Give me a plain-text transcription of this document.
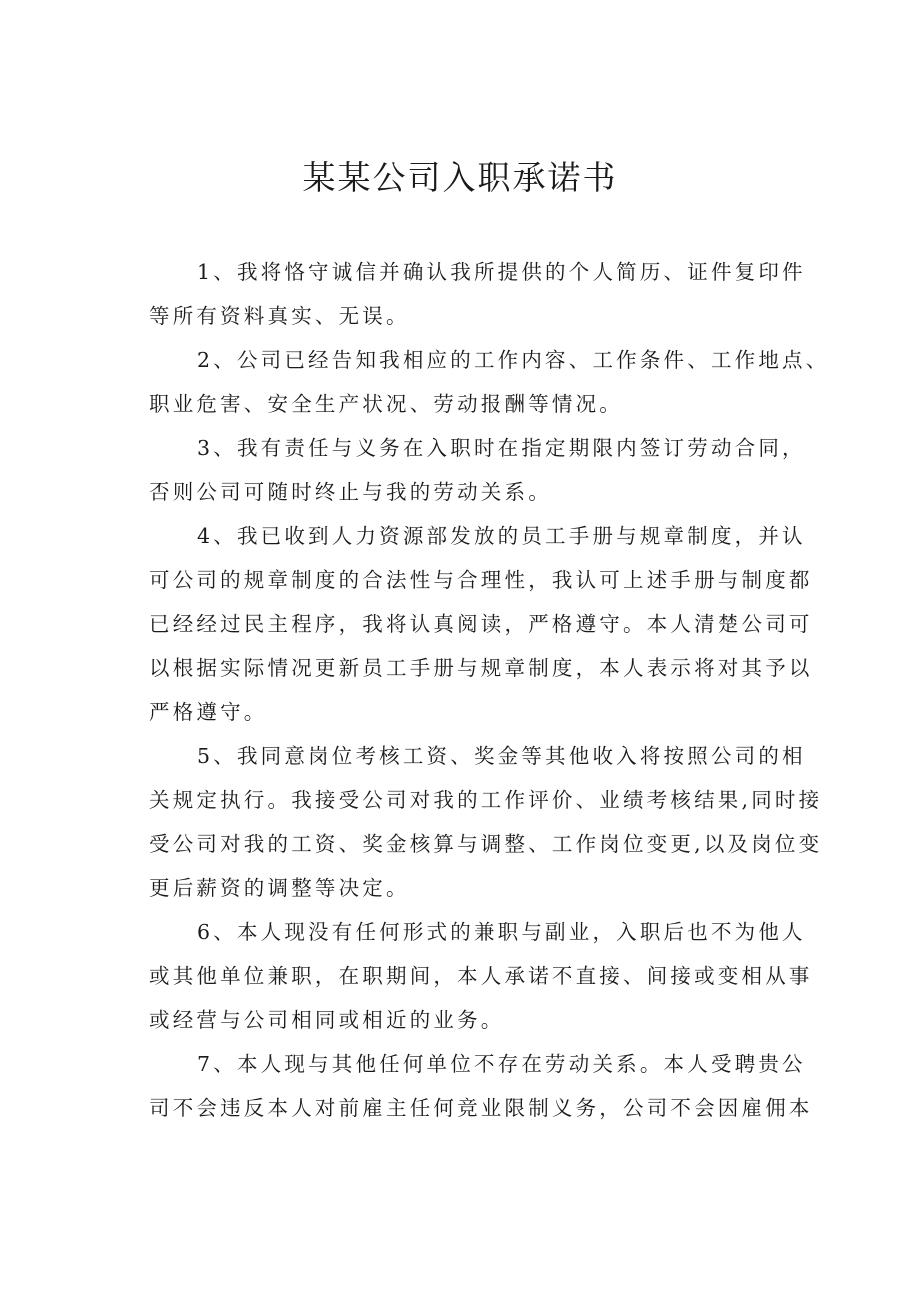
某某公司入职承诺书

1、我将恪守诚信并确认我所提供的个人简历、证件复印件
等所有资料真实、无误。

2、公司已经告知我相应的工作内容、工作条件、工作地点、
职业危害、安全生产状况、劳动报酬等情况。

3、我有责任与义务在入职时在指定期限内签订劳动合同，
否则公司可随时终止与我的劳动关系。

4、我已收到人力资源部发放的员工手册与规章制度，并认
可公司的规章制度的合法性与合理性，我认可上述手册与制度都
已经经过民主程序，我将认真阅读，严格遵守。本人清楚公司可
以根据实际情况更新员工手册与规章制度，本人表示将对其予以
严格遵守。

5、我同意岗位考核工资、奖金等其他收入将按照公司的相
关规定执行。我接受公司对我的工作评价、业绩考核结果,同时接
受公司对我的工资、奖金核算与调整、工作岗位变更,以及岗位变
更后薪资的调整等决定。

6、本人现没有任何形式的兼职与副业，入职后也不为他人
或其他单位兼职，在职期间，本人承诺不直接、间接或变相从事
或经营与公司相同或相近的业务。

7、本人现与其他任何单位不存在劳动关系。本人受聘贵公
司不会违反本人对前雇主任何竞业限制义务，公司不会因雇佣本
